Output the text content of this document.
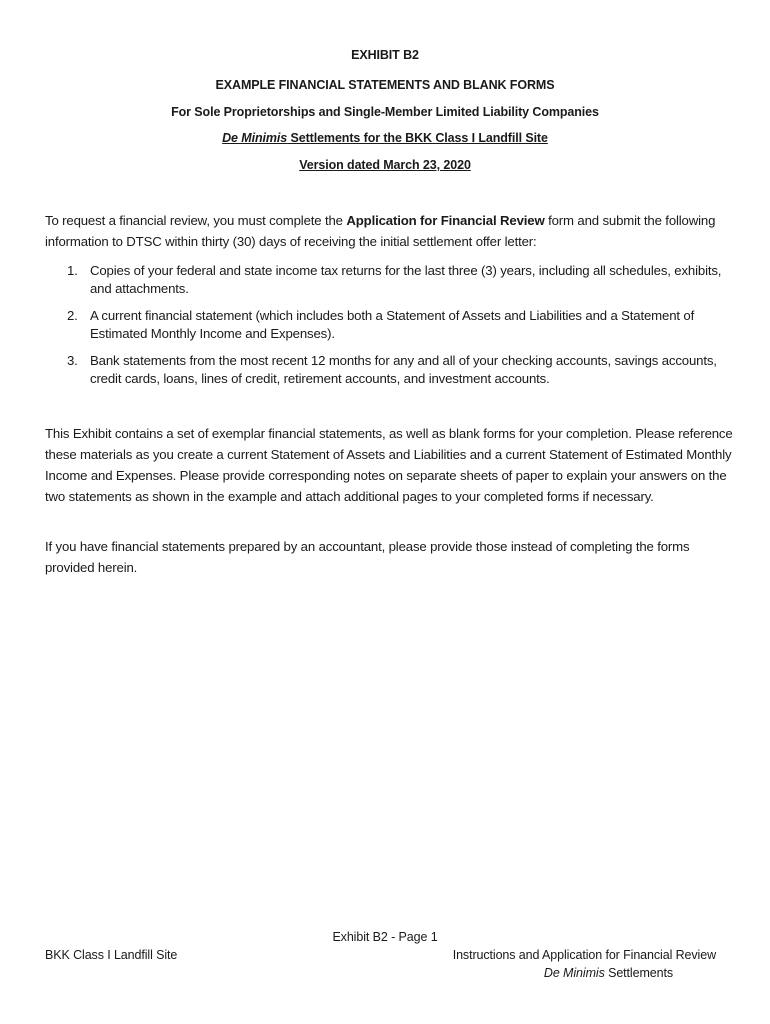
EXHIBIT B2
EXAMPLE FINANCIAL STATEMENTS AND BLANK FORMS
For Sole Proprietorships and Single-Member Limited Liability Companies
De Minimis Settlements for the BKK Class I Landfill Site
Version dated March 23, 2020
To request a financial review, you must complete the Application for Financial Review form and submit the following information to DTSC within thirty (30) days of receiving the initial settlement offer letter:
1. Copies of your federal and state income tax returns for the last three (3) years, including all schedules, exhibits, and attachments.
2. A current financial statement (which includes both a Statement of Assets and Liabilities and a Statement of Estimated Monthly Income and Expenses).
3. Bank statements from the most recent 12 months for any and all of your checking accounts, savings accounts, credit cards, loans, lines of credit, retirement accounts, and investment accounts.
This Exhibit contains a set of exemplar financial statements, as well as blank forms for your completion. Please reference these materials as you create a current Statement of Assets and Liabilities and a current Statement of Estimated Monthly Income and Expenses. Please provide corresponding notes on separate sheets of paper to explain your answers on the two statements as shown in the example and attach additional pages to your completed forms if necessary.
If you have financial statements prepared by an accountant, please provide those instead of completing the forms provided herein.
Exhibit B2 - Page 1
BKK Class I Landfill Site	Instructions and Application for Financial Review
De Minimis Settlements
